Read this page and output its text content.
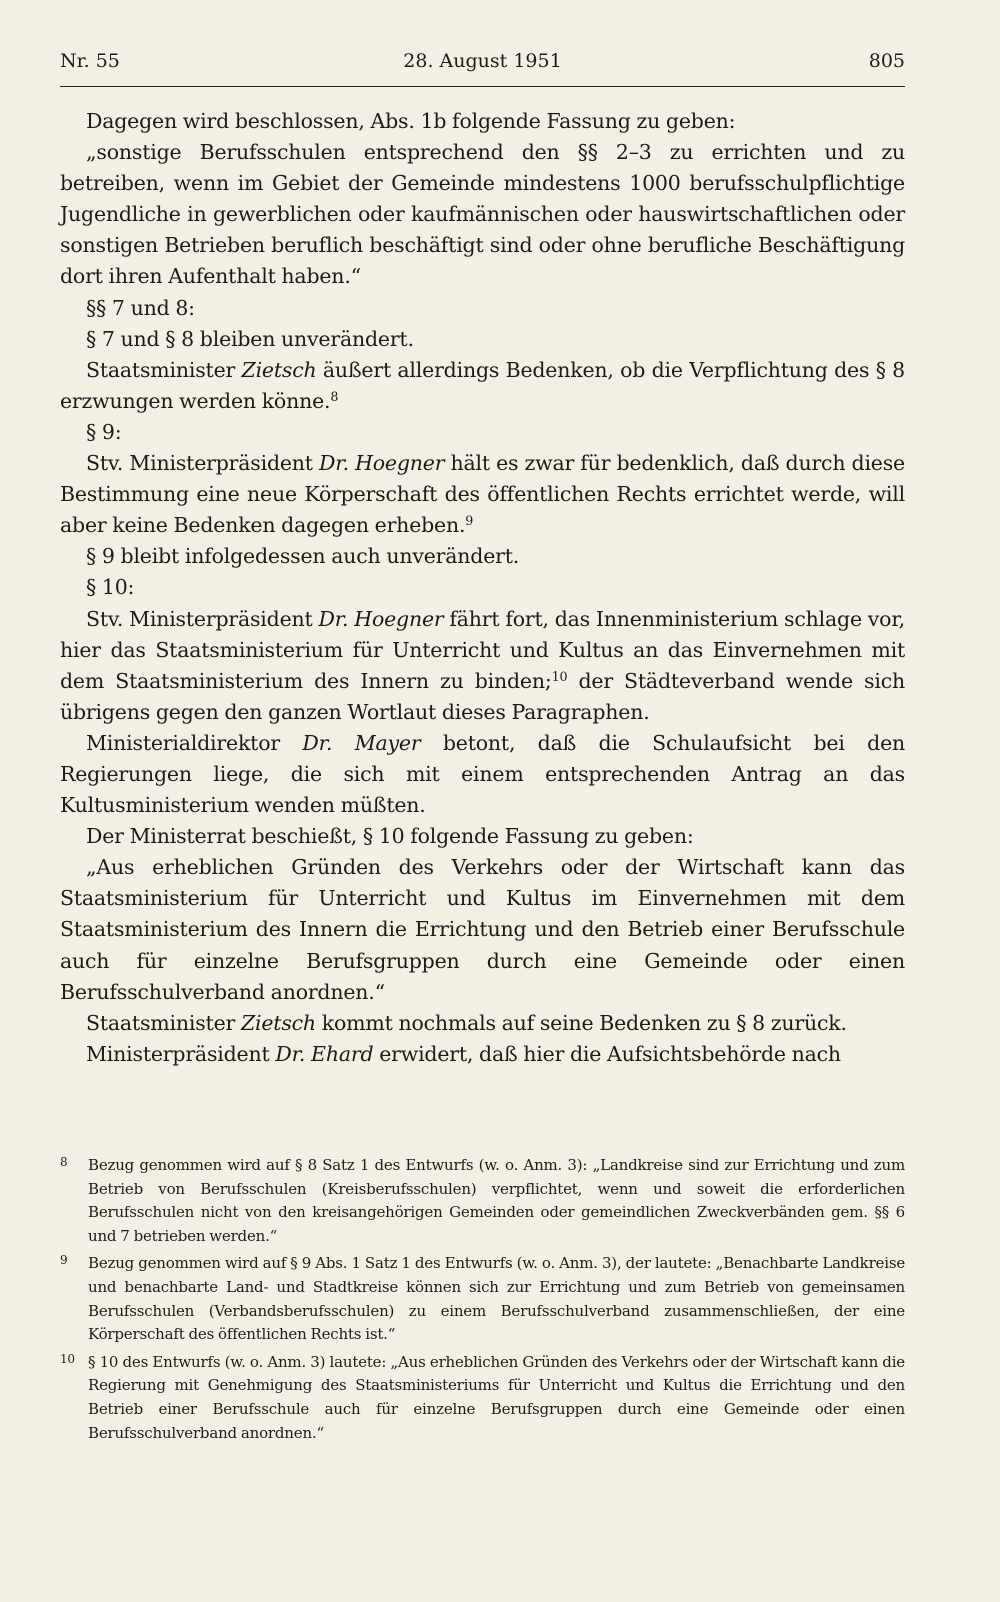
Nr. 55	28. August 1951	805

Dagegen wird beschlossen, Abs. 1b folgende Fassung zu geben:

„sonstige Berufsschulen entsprechend den §§ 2–3 zu errichten und zu betreiben, wenn im Gebiet der Gemeinde mindestens 1000 berufsschulpflichtige Jugendliche in gewerblichen oder kaufmännischen oder hauswirtschaftlichen oder sonstigen Betrieben beruflich beschäftigt sind oder ohne berufliche Beschäftigung dort ihren Aufenthalt haben.“

§§ 7 und 8:

§ 7 und § 8 bleiben unverändert.

Staatsminister Zietsch äußert allerdings Bedenken, ob die Verpflichtung des § 8 erzwungen werden könne.$^8$

§ 9:

Stv. Ministerpräsident Dr. Hoegner hält es zwar für bedenklich, daß durch diese Bestimmung eine neue Körperschaft des öffentlichen Rechts errichtet werde, will aber keine Bedenken dagegen erheben.$^9$

§ 9 bleibt infolgedessen auch unverändert.

§ 10:

Stv. Ministerpräsident Dr. Hoegner fährt fort, das Innenministerium schlage vor, hier das Staatsministerium für Unterricht und Kultus an das Einvernehmen mit dem Staatsministerium des Innern zu binden;$^{10}$ der Städteverband wende sich übrigens gegen den ganzen Wortlaut dieses Paragraphen.

Ministerialdirektor Dr. Mayer betont, daß die Schulaufsicht bei den Regierungen liege, die sich mit einem entsprechenden Antrag an das Kultusministerium wenden müßten.

Der Ministerrat beschießt, § 10 folgende Fassung zu geben:

„Aus erheblichen Gründen des Verkehrs oder der Wirtschaft kann das Staatsministerium für Unterricht und Kultus im Einvernehmen mit dem Staatsministerium des Innern die Errichtung und den Betrieb einer Berufsschule auch für einzelne Berufsgruppen durch eine Gemeinde oder einen Berufsschulverband anordnen.“

Staatsminister Zietsch kommt nochmals auf seine Bedenken zu § 8 zurück.

Ministerpräsident Dr. Ehard erwidert, daß hier die Aufsichtsbehörde nach

8 Bezug genommen wird auf § 8 Satz 1 des Entwurfs (w. o. Anm. 3): „Landkreise sind zur Errichtung und zum Betrieb von Berufsschulen (Kreisberufsschulen) verpflichtet, wenn und soweit die erforderlichen Berufsschulen nicht von den kreisangehörigen Gemeinden oder gemeindlichen Zweckverbänden gem. §§ 6 und 7 betrieben werden.“
9 Bezug genommen wird auf § 9 Abs. 1 Satz 1 des Entwurfs (w. o. Anm. 3), der lautete: „Benachbarte Landkreise und benachbarte Land- und Stadtkreise können sich zur Errichtung und zum Betrieb von gemeinsamen Berufsschulen (Verbandsberufsschulen) zu einem Berufsschulverband zusammenschließen, der eine Körperschaft des öffentlichen Rechts ist.“
10 § 10 des Entwurfs (w. o. Anm. 3) lautete: „Aus erheblichen Gründen des Verkehrs oder der Wirtschaft kann die Regierung mit Genehmigung des Staatsministeriums für Unterricht und Kultus die Errichtung und den Betrieb einer Berufsschule auch für einzelne Berufsgruppen durch eine Gemeinde oder einen Berufsschulverband anordnen.“
